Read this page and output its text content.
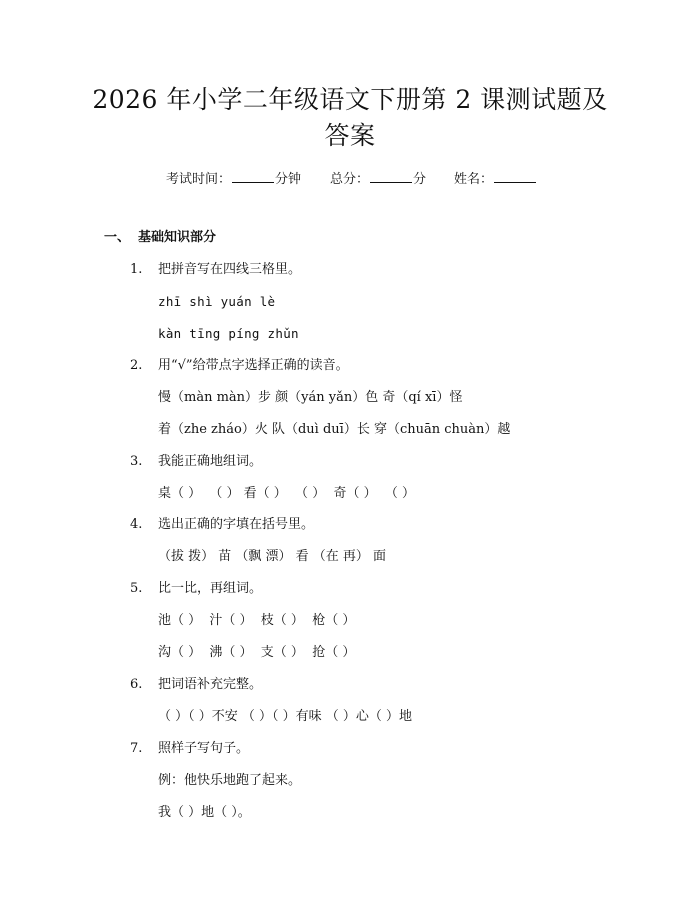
2026 年小学二年级语文下册第 2 课测试题及
答案
考试时间：	分钟 总分：	分 姓名：
一、 基础知识部分
1. 把拼音写在四线三格里。
zhī shì yuán lè
kàn tīng píng zhǔn
2. 用“√”给带点字选择正确的读音。
慢（màn màn）步 颜（yán yǎn）色 奇（qí xī）怪
着（zhe zháo）火 队（duì duī）长 穿（chuān chuàn）越
3. 我能正确地组词。
桌（ ）  （ ） 看（ ）  （ ）  奇（ ）  （ ）
4. 选出正确的字填在括号里。
（拔 拨） 苗 （飘 漂） 看 （在 再） 面
5. 比一比，再组词。
池（ ）  汁（ ）  枝（ ）  枪（ ）
沟（ ）  沸（ ）  支（ ）  抢（ ）
6. 把词语补充完整。
（ ）（ ）不安 （ ）（ ）有味 （ ）心（ ）地
7. 照样子写句子。
例：他快乐地跑了起来。
我（ ）地（ ）。
